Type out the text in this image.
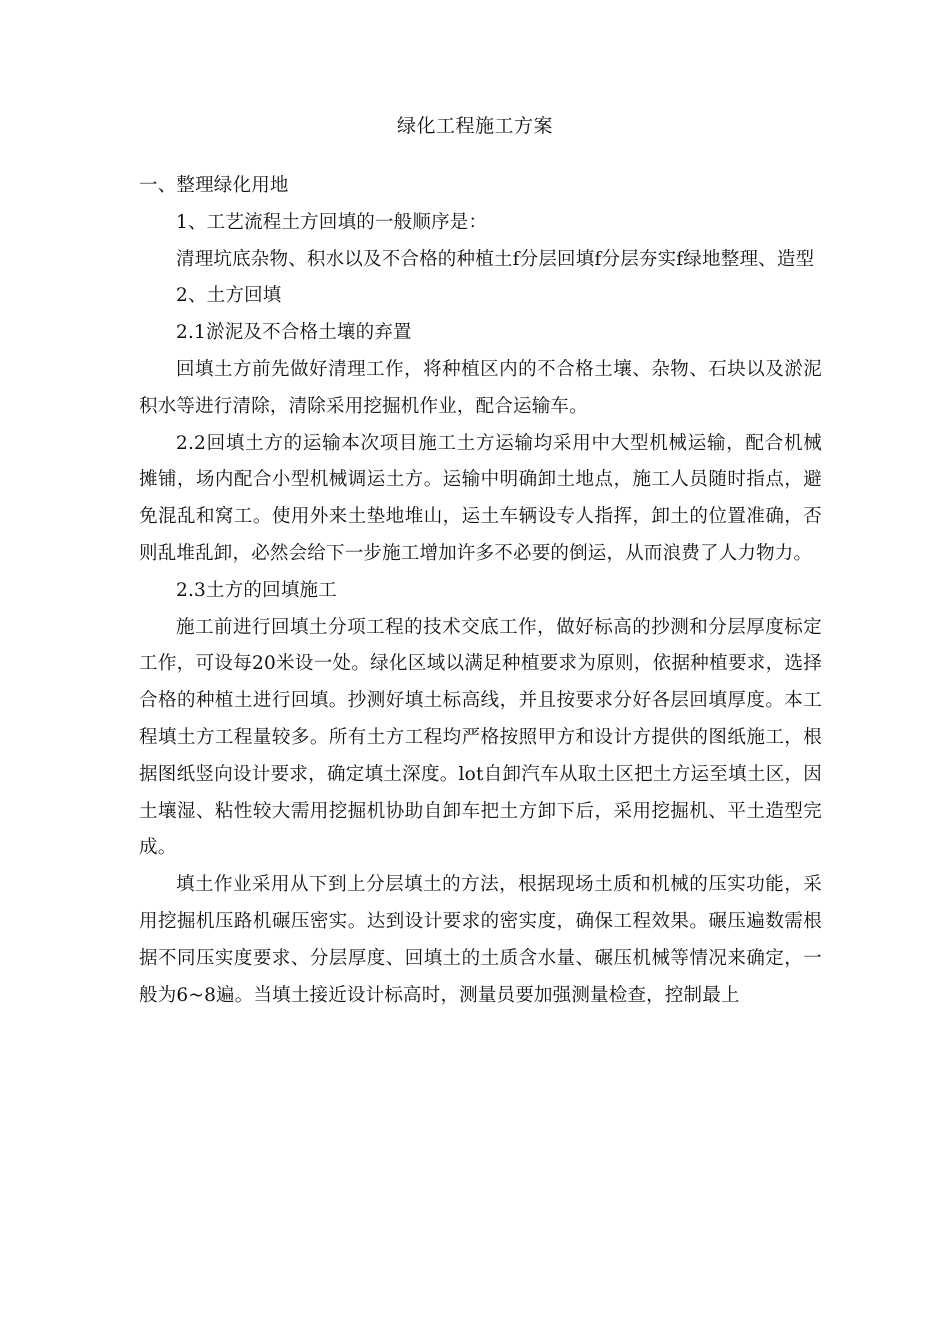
绿化工程施工方案

一、整理绿化用地

1、工艺流程土方回填的一般顺序是：

清理坑底杂物、积水以及不合格的种植土f分层回填f分层夯实f绿地整理、造型

2、土方回填

2.1淤泥及不合格土壤的弃置

回填土方前先做好清理工作，将种植区内的不合格土壤、杂物、石块以及淤泥积水等进行清除，清除采用挖掘机作业，配合运输车。

2.2回填土方的运输本次项目施工土方运输均采用中大型机械运输，配合机械摊铺，场内配合小型机械调运土方。运输中明确卸土地点，施工人员随时指点，避免混乱和窝工。使用外来土垫地堆山，运土车辆设专人指挥，卸土的位置准确，否则乱堆乱卸，必然会给下一步施工增加许多不必要的倒运，从而浪费了人力物力。

2.3土方的回填施工

施工前进行回填土分项工程的技术交底工作，做好标高的抄测和分层厚度标定工作，可设每20米设一处。绿化区域以满足种植要求为原则，依据种植要求，选择合格的种植土进行回填。抄测好填土标高线，并且按要求分好各层回填厚度。本工程填土方工程量较多。所有土方工程均严格按照甲方和设计方提供的图纸施工，根据图纸竖向设计要求，确定填土深度。lot自卸汽车从取土区把土方运至填土区，因土壤湿、粘性较大需用挖掘机协助自卸车把土方卸下后，采用挖掘机、平土造型完成。

填土作业采用从下到上分层填土的方法，根据现场土质和机械的压实功能，采用挖掘机压路机碾压密实。达到设计要求的密实度，确保工程效果。碾压遍数需根据不同压实度要求、分层厚度、回填土的土质含水量、碾压机械等情况来确定，一般为6~8遍。当填土接近设计标高时，测量员要加强测量检查，控制最上
